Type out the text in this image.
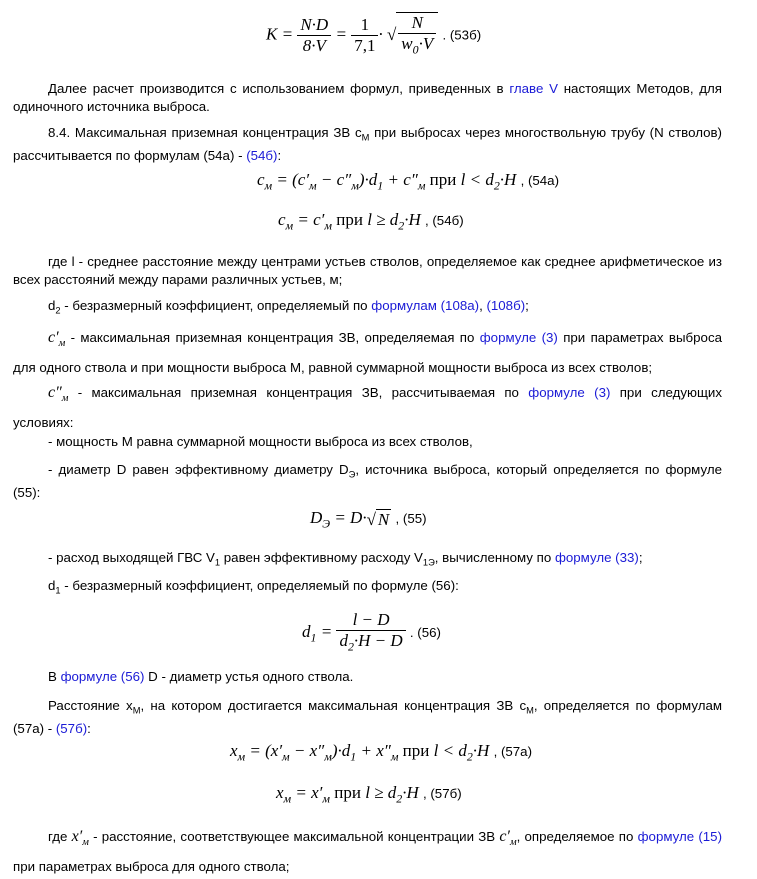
$K = \frac{N\cdot D}{8\cdot V} = \frac{1}{7,1}$ · √ $\frac{N}{w_0\cdot V}$ . (53б)
Далее расчет производится с использованием формул, приведенных в главе V настоящих Методов, для одиночного источника выброса.
8.4. Максимальная приземная концентрация ЗВ $с_М$ при выбросах через многоствольную трубу (N стволов) рассчитывается по формулам (54а) - (54б):
$c_м = (c'_м - c''_м)\cdot d_1 + c''_м$ при $l < d_2\cdot H$ , (54а)
$c_м = c'_м$ при $l \ge d_2\cdot H$ , (54б)
где l - среднее расстояние между центрами устьев стволов, определяемое как среднее арифметическое из всех расстояний между парами различных устьев, м;
$d_2$ - безразмерный коэффициент, определяемый по формулам (108а), (108б);
$c'_м$ - максимальная приземная концентрация ЗВ, определяемая по формуле (3) при параметрах выброса для одного ствола и при мощности выброса М, равной суммарной мощности выброса из всех стволов;
$c''_м$ - максимальная приземная концентрация ЗВ, рассчитываемая по формуле (3) при следующих условиях:
- мощность М равна суммарной мощности выброса из всех стволов,
- диаметр D равен эффективному диаметру $D_Э$, источника выброса, который определяется по формуле (55):
$D_Э = D\cdot√$ N , (55)
- расход выходящей ГВС $V_1$ равен эффективному расходу $V_{1Э}$, вычисленному по формуле (33);
$d_1$ - безразмерный коэффициент, определяемый по формуле (56):
$d_1 = \frac{l - D}{d_2\cdot H - D}$ . (56)
В формуле (56) D - диаметр устья одного ствола.
Расстояние $x_М$, на котором достигается максимальная концентрация ЗВ $с_М$, определяется по формулам (57а) - (57б):
$x_м = (x'_м - x''_м)\cdot d_1 + x''_м$ при $l < d_2\cdot H$ , (57а)
$x_м = x'_м$ при $l \ge d_2\cdot H$ , (57б)
где $x'_м$ - расстояние, соответствующее максимальной концентрации ЗВ $c'_м$, определяемое по формуле (15) при параметрах выброса для одного ствола;
